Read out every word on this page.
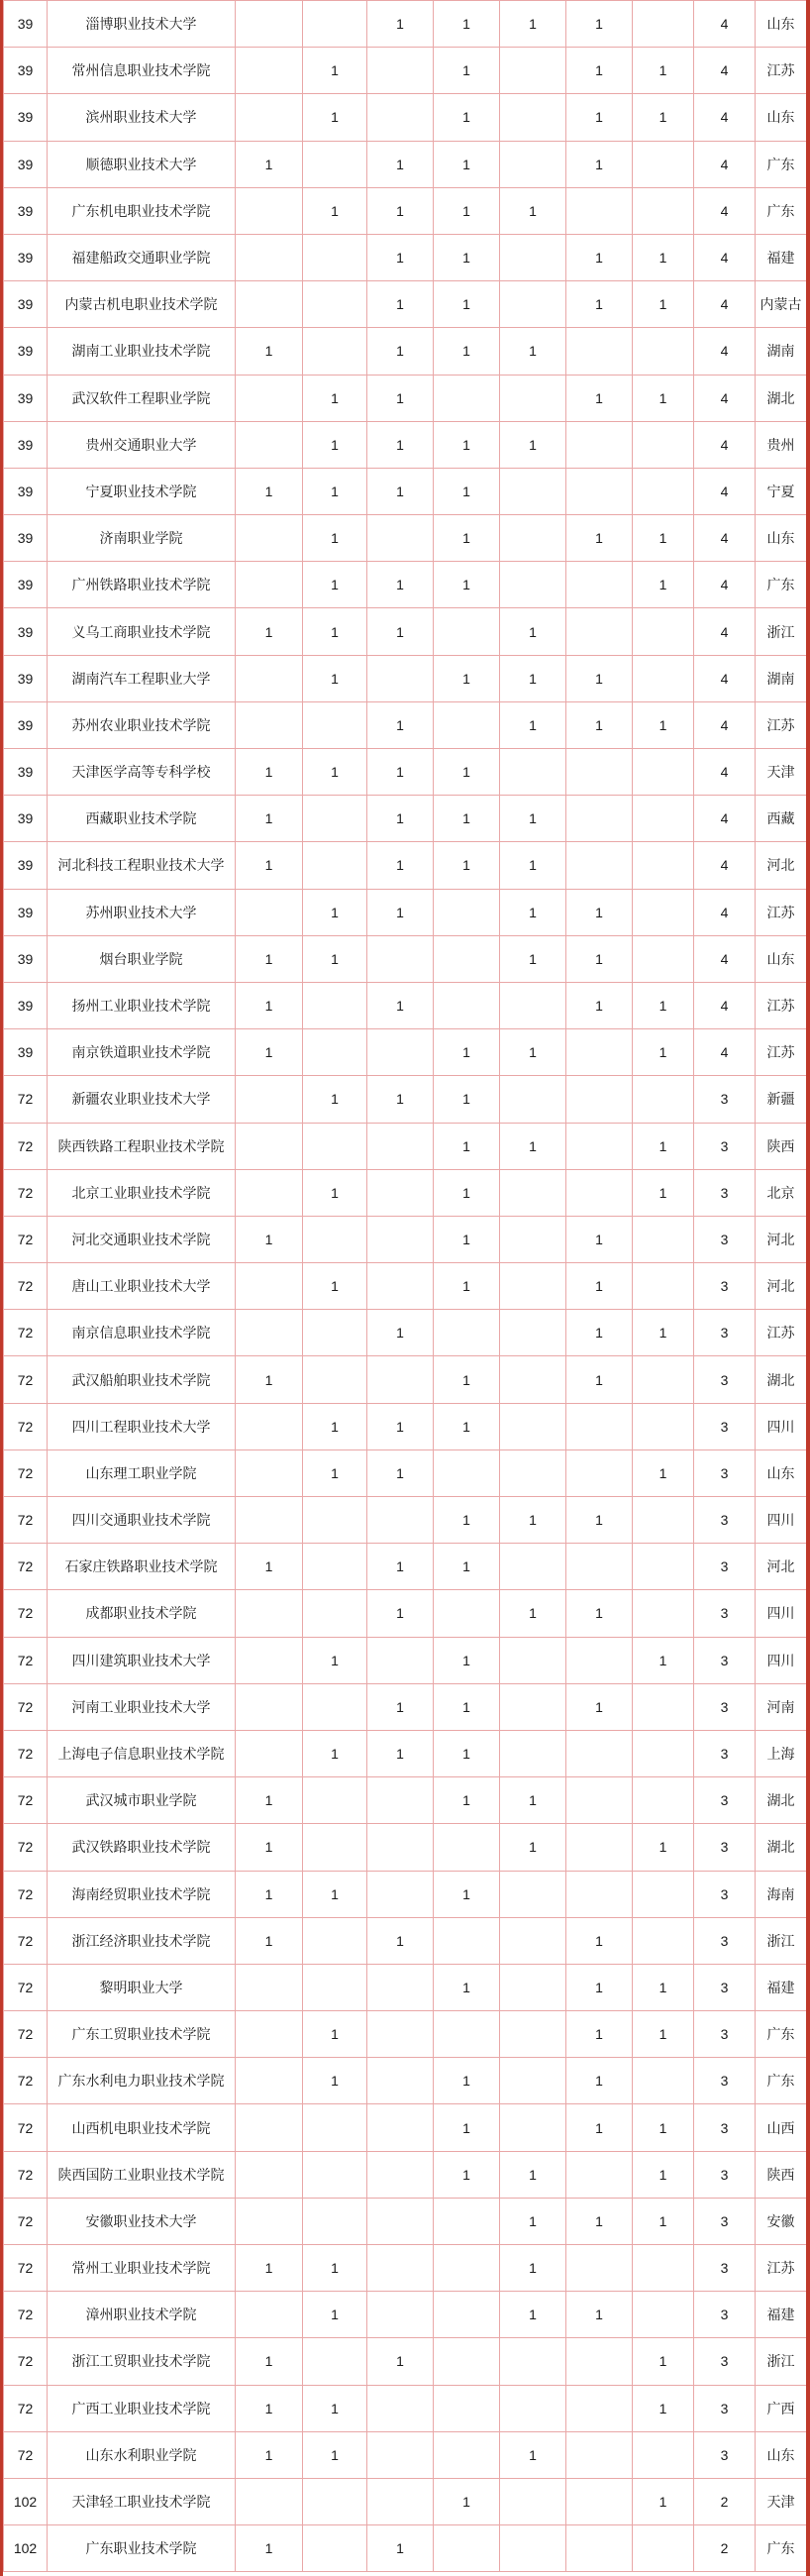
39	淄博职业技术大学			1	1	1	1		4	山东
39	常州信息职业技术学院		1		1		1	1	4	江苏
39	滨州职业技术大学		1		1		1	1	4	山东
39	顺德职业技术大学	1		1	1		1		4	广东
39	广东机电职业技术学院		1	1	1	1			4	广东
39	福建船政交通职业学院			1	1		1	1	4	福建
39	内蒙古机电职业技术学院			1	1		1	1	4	内蒙古
39	湖南工业职业技术学院	1		1	1	1			4	湖南
39	武汉软件工程职业学院		1	1			1	1	4	湖北
39	贵州交通职业大学		1	1	1	1			4	贵州
39	宁夏职业技术学院	1	1	1	1				4	宁夏
39	济南职业学院		1		1		1	1	4	山东
39	广州铁路职业技术学院		1	1	1			1	4	广东
39	义乌工商职业技术学院	1	1	1		1			4	浙江
39	湖南汽车工程职业大学		1		1	1	1		4	湖南
39	苏州农业职业技术学院			1		1	1	1	4	江苏
39	天津医学高等专科学校	1	1	1	1				4	天津
39	西藏职业技术学院	1		1	1	1			4	西藏
39	河北科技工程职业技术大学	1		1	1	1			4	河北
39	苏州职业技术大学		1	1		1	1		4	江苏
39	烟台职业学院	1	1			1	1		4	山东
39	扬州工业职业技术学院	1		1			1	1	4	江苏
39	南京铁道职业技术学院	1			1	1		1	4	江苏
72	新疆农业职业技术大学		1	1	1				3	新疆
72	陕西铁路工程职业技术学院				1	1		1	3	陕西
72	北京工业职业技术学院		1		1			1	3	北京
72	河北交通职业技术学院	1			1		1		3	河北
72	唐山工业职业技术大学		1		1		1		3	河北
72	南京信息职业技术学院			1			1	1	3	江苏
72	武汉船舶职业技术学院	1			1		1		3	湖北
72	四川工程职业技术大学		1	1	1				3	四川
72	山东理工职业学院		1	1				1	3	山东
72	四川交通职业技术学院				1	1	1		3	四川
72	石家庄铁路职业技术学院	1		1	1				3	河北
72	成都职业技术学院			1		1	1		3	四川
72	四川建筑职业技术大学		1		1			1	3	四川
72	河南工业职业技术大学			1	1		1		3	河南
72	上海电子信息职业技术学院		1	1	1				3	上海
72	武汉城市职业学院	1			1	1			3	湖北
72	武汉铁路职业技术学院	1				1		1	3	湖北
72	海南经贸职业技术学院	1	1		1				3	海南
72	浙江经济职业技术学院	1		1			1		3	浙江
72	黎明职业大学				1		1	1	3	福建
72	广东工贸职业技术学院		1				1	1	3	广东
72	广东水利电力职业技术学院		1		1		1		3	广东
72	山西机电职业技术学院				1		1	1	3	山西
72	陕西国防工业职业技术学院				1	1		1	3	陕西
72	安徽职业技术大学					1	1	1	3	安徽
72	常州工业职业技术学院	1	1			1			3	江苏
72	漳州职业技术学院		1			1	1		3	福建
72	浙江工贸职业技术学院	1		1				1	3	浙江
72	广西工业职业技术学院	1	1					1	3	广西
72	山东水利职业学院	1	1			1			3	山东
102	天津轻工职业技术学院				1			1	2	天津
102	广东职业技术学院	1		1					2	广东
